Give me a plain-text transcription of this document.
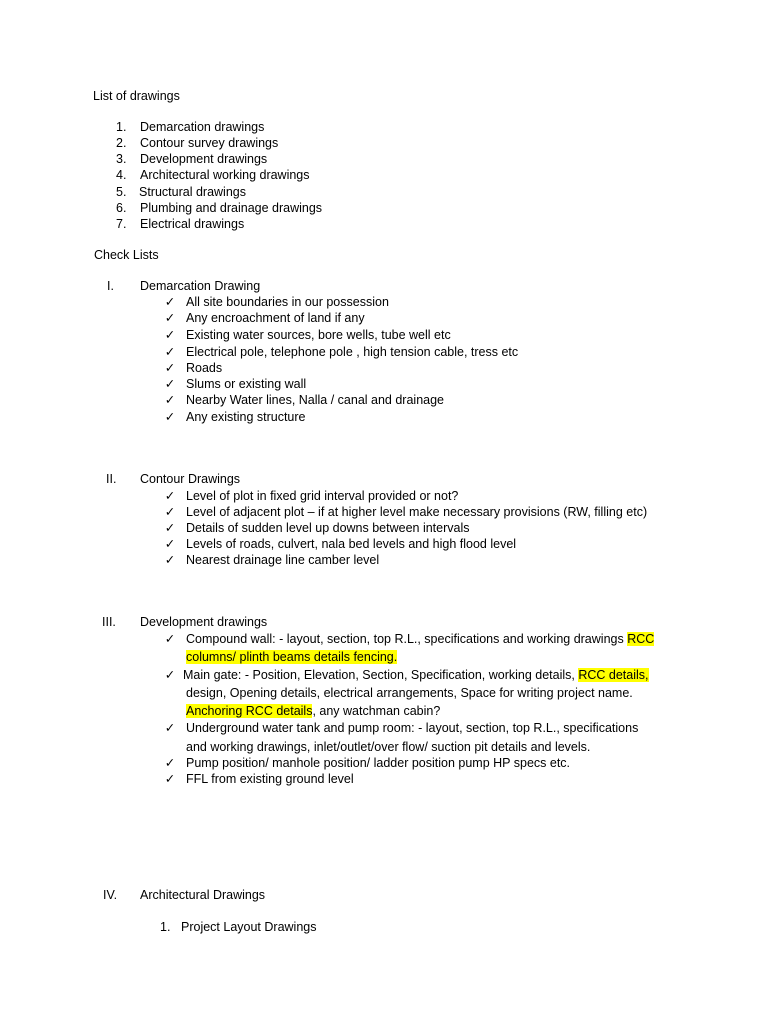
List of drawings
1. Demarcation drawings
2. Contour survey drawings
3. Development drawings
4. Architectural working drawings
5. Structural drawings
6. Plumbing and drainage drawings
7. Electrical drawings
Check Lists
I. Demarcation Drawing
✓ All site boundaries in our possession
✓ Any encroachment of land if any
✓ Existing water sources, bore wells, tube well etc
✓ Electrical pole, telephone pole , high tension cable, tress etc
✓ Roads
✓ Slums or existing wall
✓ Nearby Water lines, Nalla / canal and drainage
✓ Any existing structure
II. Contour Drawings
✓ Level of plot in fixed grid interval provided or not?
✓ Level of adjacent plot – if at higher level make necessary provisions (RW, filling etc)
✓ Details of sudden level up downs between intervals
✓ Levels of roads, culvert, nala bed levels and high flood level
✓ Nearest drainage line camber level
III. Development drawings
✓ Compound wall: - layout, section, top R.L., specifications and working drawings RCC
columns/ plinth beams details fencing.
✓ Main gate: - Position, Elevation, Section, Specification, working details, RCC details,
design, Opening details, electrical arrangements, Space for writing project name.
Anchoring RCC details, any watchman cabin?
✓ Underground water tank and pump room: - layout, section, top R.L., specifications
and working drawings, inlet/outlet/over flow/ suction pit details and levels.
✓ Pump position/ manhole position/ ladder position pump HP specs etc.
✓ FFL from existing ground level
IV. Architectural Drawings
1. Project Layout Drawings
